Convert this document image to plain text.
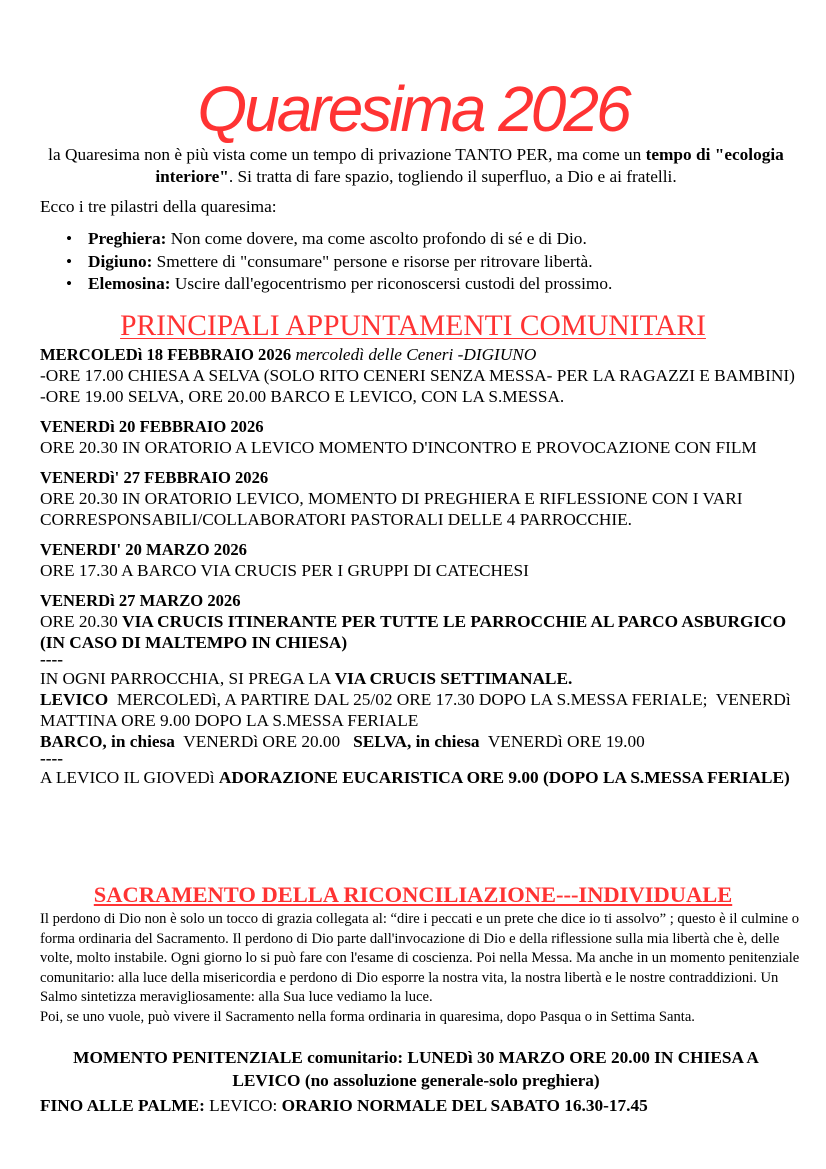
Quaresima 2026
la Quaresima non è più vista come un tempo di privazione TANTO PER, ma come un tempo di "ecologia interiore". Si tratta di fare spazio, togliendo il superfluo, a Dio e ai fratelli.
Ecco i tre pilastri della quaresima:
• Preghiera: Non come dovere, ma come ascolto profondo di sé e di Dio.
• Digiuno: Smettere di "consumare" persone e risorse per ritrovare libertà.
• Elemosina: Uscire dall'egocentrismo per riconoscersi custodi del prossimo.
PRINCIPALI APPUNTAMENTI COMUNITARI
MERCOLEDì 18 FEBBRAIO 2026 mercoledì delle Ceneri -DIGIUNO
-ORE 17.00 CHIESA A SELVA (SOLO RITO CENERI SENZA MESSA- PER LA RAGAZZI E BAMBINI) -ORE 19.00 SELVA, ORE 20.00 BARCO E LEVICO, CON LA S.MESSA.
VENERDì 20 FEBBRAIO 2026
ORE 20.30 IN ORATORIO A LEVICO MOMENTO D'INCONTRO E PROVOCAZIONE CON FILM
VENERDì' 27 FEBBRAIO 2026
ORE 20.30 IN ORATORIO LEVICO, MOMENTO DI PREGHIERA E RIFLESSIONE CON I VARI CORRESPONSABILI/COLLABORATORI PASTORALI DELLE 4 PARROCCHIE.
VENERDI' 20 MARZO 2026
ORE 17.30 A BARCO VIA CRUCIS PER I GRUPPI DI CATECHESI
VENERDì 27 MARZO 2026
ORE 20.30 VIA CRUCIS ITINERANTE PER TUTTE LE PARROCCHIE AL PARCO ASBURGICO (IN CASO DI MALTEMPO IN CHIESA)
----
IN OGNI PARROCCHIA, SI PREGA LA VIA CRUCIS SETTIMANALE.
LEVICO  MERCOLEDì, A PARTIRE DAL 25/02 ORE 17.30 DOPO LA S.MESSA FERIALE;  VENERDì MATTINA ORE 9.00 DOPO LA S.MESSA FERIALE
BARCO, in chiesa  VENERDì ORE 20.00   SELVA, in chiesa  VENERDì ORE 19.00
----
A LEVICO IL GIOVEDì ADORAZIONE EUCARISTICA ORE 9.00 (DOPO LA S.MESSA FERIALE)
SACRAMENTO DELLA RICONCILIAZIONE---INDIVIDUALE
Il perdono di Dio non è solo un tocco di grazia collegata al: “dire i peccati e un prete che dice io ti assolvo” ; questo è il culmine o forma ordinaria del Sacramento. Il perdono di Dio parte dall'invocazione di Dio e della riflessione sulla mia libertà che è, delle volte, molto instabile. Ogni giorno lo si può fare con l'esame di coscienza. Poi nella Messa. Ma anche in un momento penitenziale comunitario: alla luce della misericordia e perdono di Dio esporre la nostra vita, la nostra libertà e le nostre contraddizioni. Un Salmo sintetizza meravigliosamente: alla Sua luce vediamo la luce.
Poi, se uno vuole, può vivere il Sacramento nella forma ordinaria in quaresima, dopo Pasqua o in Settima Santa.
MOMENTO PENITENZIALE comunitario: LUNEDì 30 MARZO ORE 20.00 IN CHIESA A LEVICO (no assoluzione generale-solo preghiera)
FINO ALLE PALME: LEVICO: ORARIO NORMALE DEL SABATO 16.30-17.45
